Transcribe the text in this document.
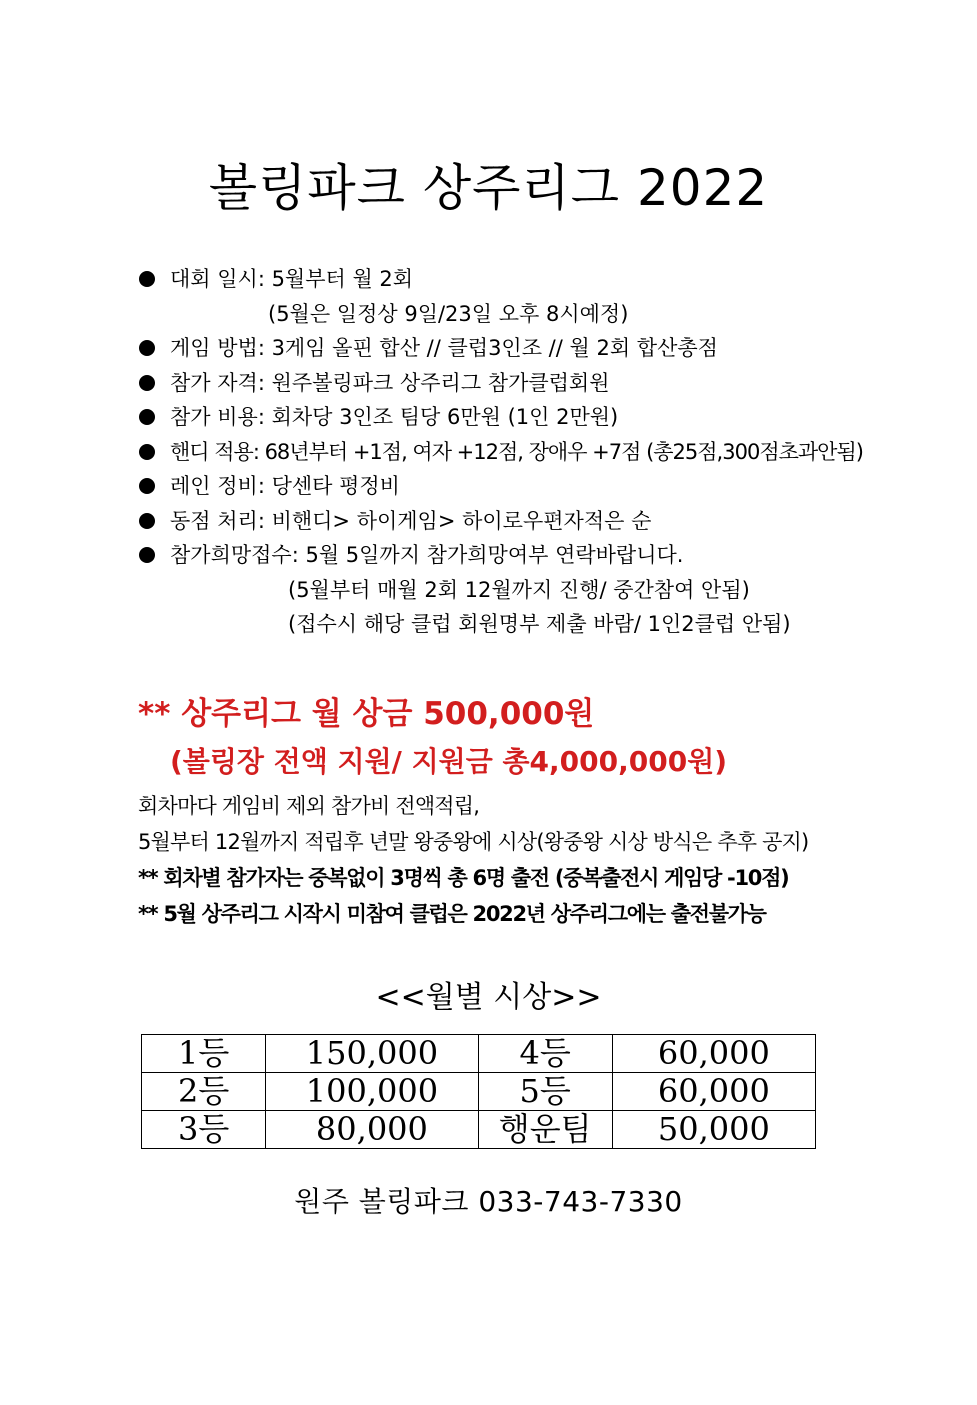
볼링파크 상주리그 2022
대회 일시: 5월부터 월 2회
(5월은 일정상 9일/23일 오후 8시예정)
게임 방법: 3게임 올핀 합산 // 클럽3인조 // 월 2회 합산총점
참가 자격: 원주볼링파크 상주리그 참가클럽회원
참가 비용: 회차당 3인조 팀당 6만원 (1인 2만원)
핸디 적용: 68년부터 +1점, 여자 +12점, 장애우 +7점 (총25점,300점초과안됨)
레인 정비: 당센타 평정비
동점 처리: 비핸디> 하이게임> 하이로우편자적은 순
참가희망접수: 5월 5일까지 참가희망여부 연락바랍니다.
(5월부터 매월 2회 12월까지 진행/ 중간참여 안됨)
(접수시 해당 클럽 회원명부 제출 바람/ 1인2클럽 안됨)
** 상주리그 월 상금 500,000원
(볼링장 전액 지원/ 지원금 총4,000,000원)
회차마다 게임비 제외 참가비 전액적립,
5월부터 12월까지 적립후 년말 왕중왕에 시상(왕중왕 시상 방식은 추후 공지)
** 회차별 참가자는 중복없이 3명씩 총 6명 출전 (중복출전시 게임당 -10점)
** 5월 상주리그 시작시 미참여 클럽은 2022년 상주리그에는 출전불가능
<<월별 시상>>
1등	150,000	4등	60,000
2등	100,000	5등	60,000
3등	80,000	행운팀	50,000
원주 볼링파크 033-743-7330
